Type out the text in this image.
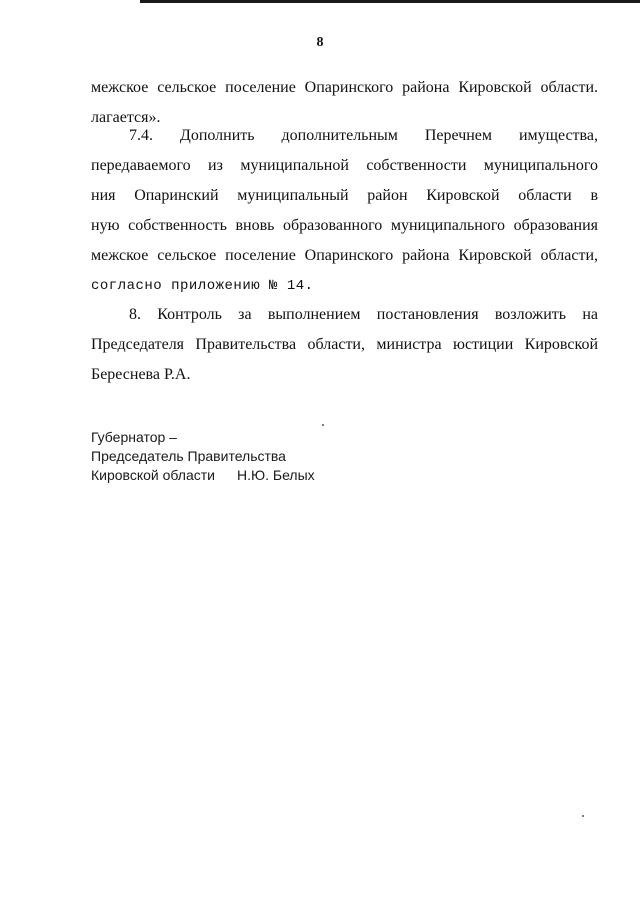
8
межское сельское поселение Опаринского района Кировской области.
лагается».
7.4. Дополнить дополнительным Перечнем имущества,
передаваемого из муниципальной собственности муниципального
ния Опаринский муниципальный район Кировской области в
ную собственность вновь образованного муниципального образования
межское сельское поселение Опаринского района Кировской области,
согласно приложению № 14.
8. Контроль за выполнением постановления возложить на
Председателя Правительства области, министра юстиции Кировской
Береснева Р.А.
Губернатор –
Председатель Правительства
Кировской области Н.Ю. Белых
